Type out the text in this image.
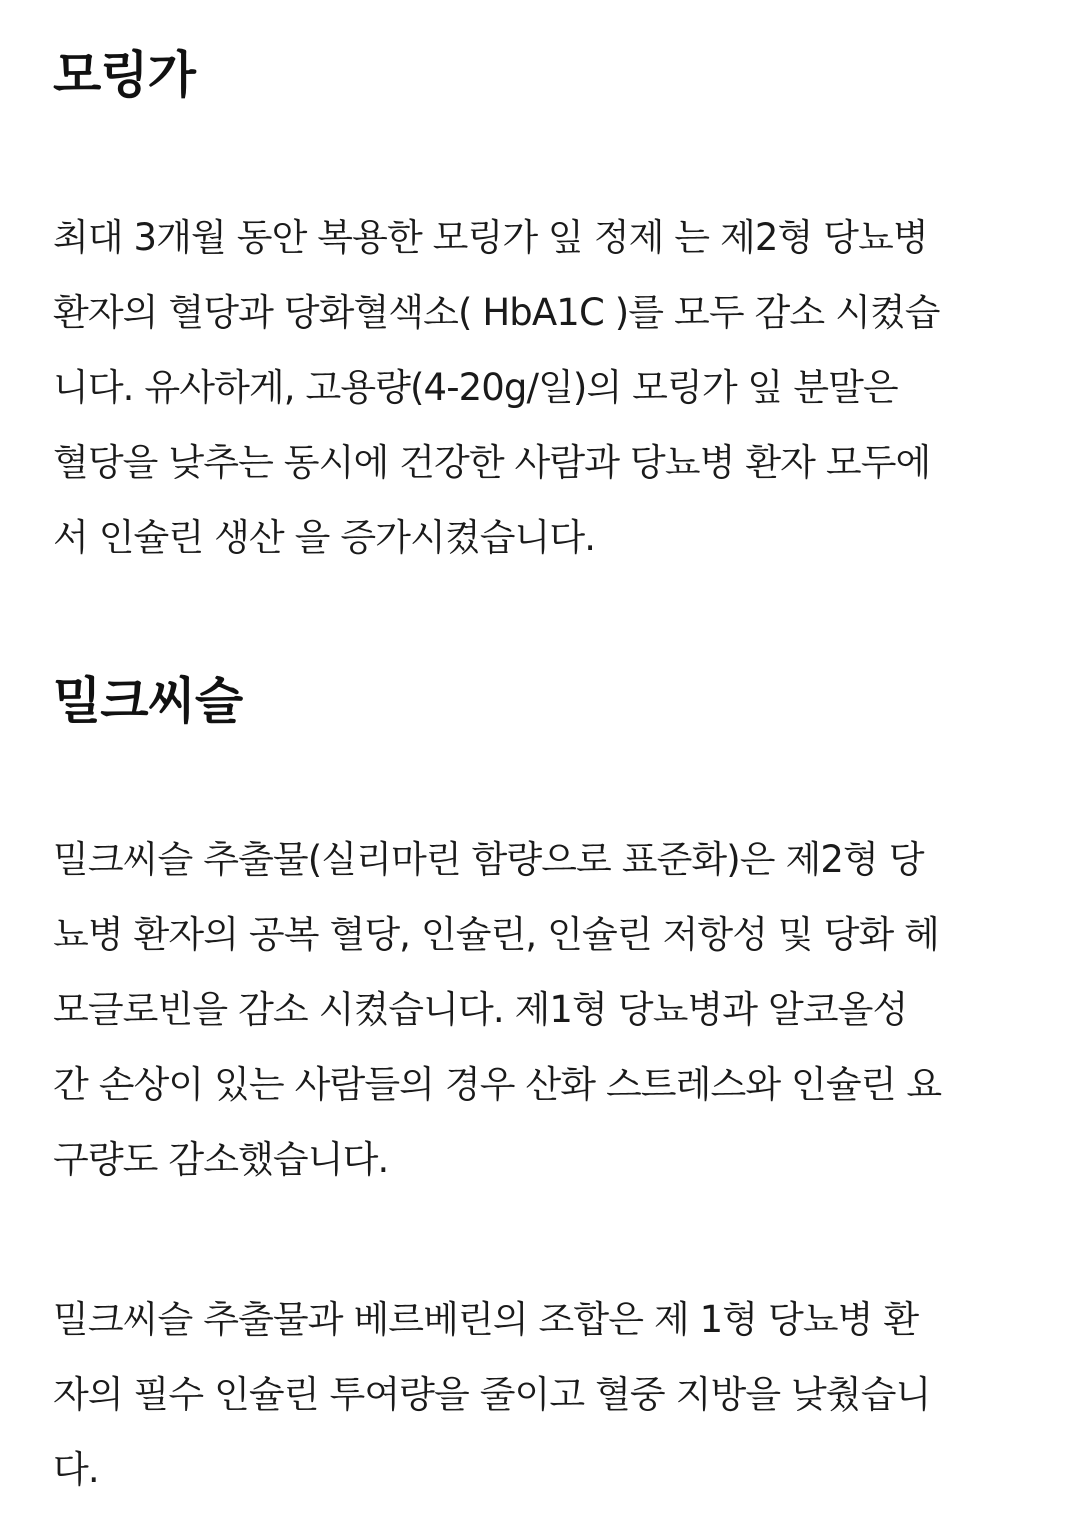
모링가

최대 3개월 동안 복용한 모링가 잎 정제 는 제2형 당뇨병
환자의 혈당과 당화혈색소( HbA1C )를 모두 감소 시켰습
니다. 유사하게, 고용량(4-20g/일)의 모링가 잎 분말은
혈당을 낮추는 동시에 건강한 사람과 당뇨병 환자 모두에
서 인슐린 생산 을 증가시켰습니다.

밀크씨슬

밀크씨슬 추출물(실리마린 함량으로 표준화)은 제2형 당
뇨병 환자의 공복 혈당, 인슐린, 인슐린 저항성 및 당화 헤
모글로빈을 감소 시켰습니다. 제1형 당뇨병과 알코올성
간 손상이 있는 사람들의 경우 산화 스트레스와 인슐린 요
구량도 감소했습니다.

밀크씨슬 추출물과 베르베린의 조합은 제 1형 당뇨병 환
자의 필수 인슐린 투여량을 줄이고 혈중 지방을 낮췄습니
다.
